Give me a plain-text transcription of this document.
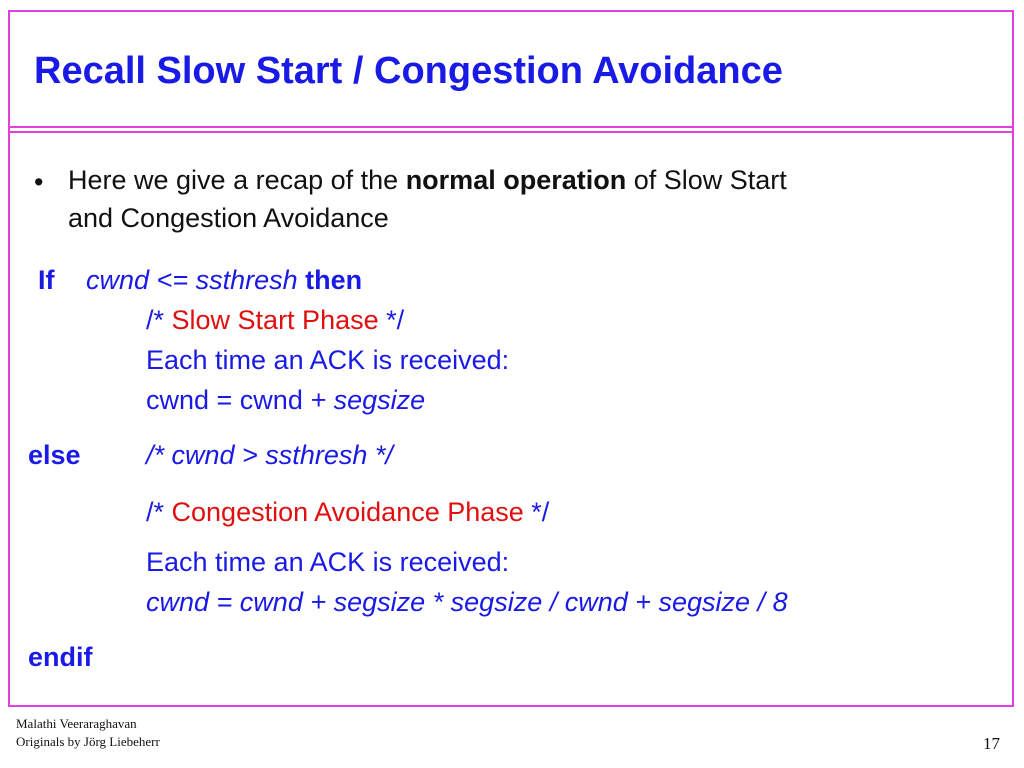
Recall Slow Start / Congestion Avoidance
• Here we give a recap of the normal operation of Slow Start
and Congestion Avoidance
If cwnd <= ssthresh then
/* Slow Start Phase */
Each time an ACK is received:
cwnd = cwnd + segsize
else /* cwnd > ssthresh */
/* Congestion Avoidance Phase */
Each time an ACK is received:
cwnd = cwnd + segsize * segsize / cwnd + segsize / 8
endif
Malathi Veeraraghavan
Originals by Jörg Liebeherr	17
